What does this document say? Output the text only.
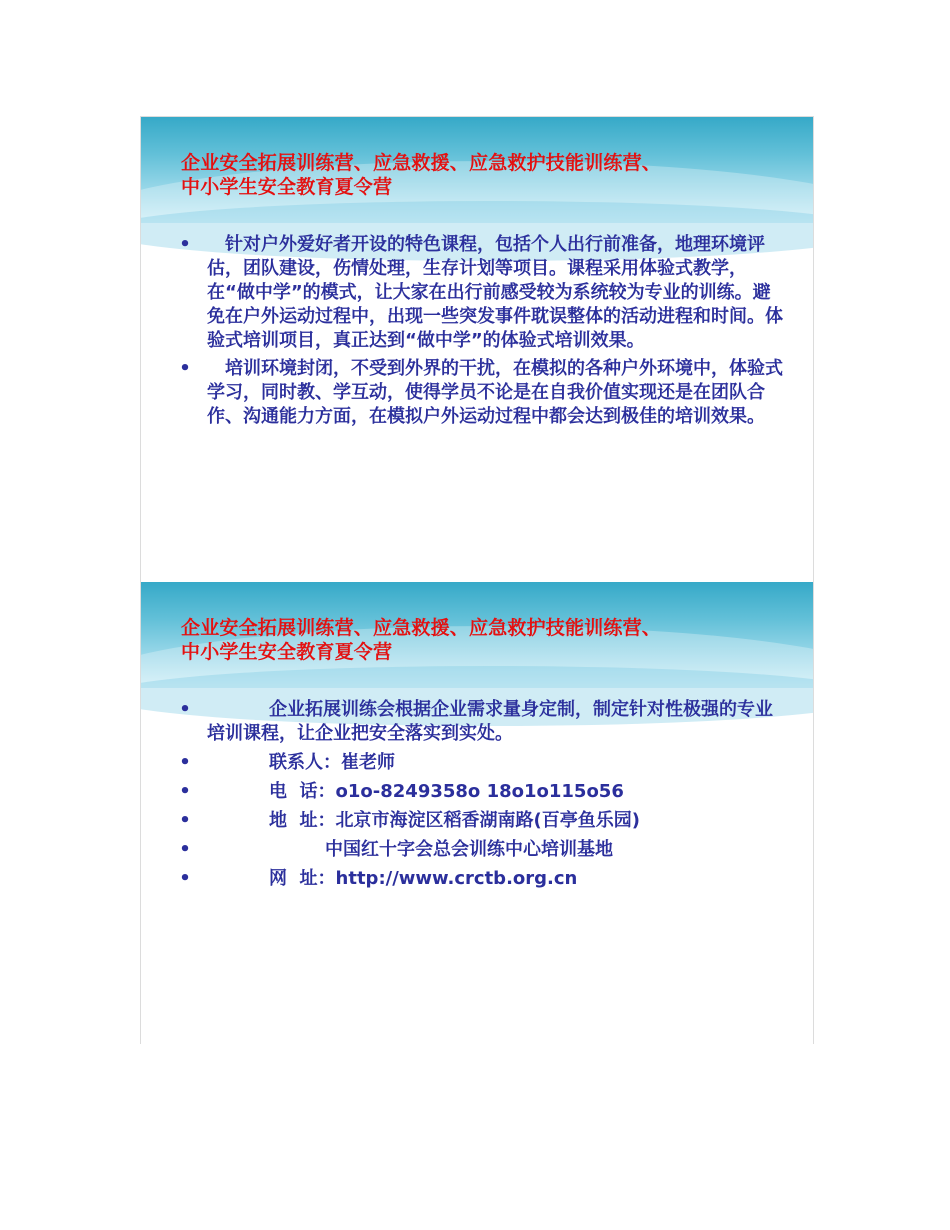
企业安全拓展训练营、应急救援、应急救护技能训练营、
中小学生安全教育夏令营
•	针对户外爱好者开设的特色课程，包括个人出行前准备，地理环境评估，团队建设，伤情处理，生存计划等项目。课程采用体验式教学，在“做中学”的模式，让大家在出行前感受较为系统较为专业的训练。避免在户外运动过程中，出现一些突发事件耽误整体的活动进程和时间。体验式培训项目，真正达到“做中学”的体验式培训效果。
•	培训环境封闭，不受到外界的干扰，在模拟的各种户外环境中，体验式学习，同时教、学互动，使得学员不论是在自我价值实现还是在团队合作、沟通能力方面，在模拟户外运动过程中都会达到极佳的培训效果。
企业安全拓展训练营、应急救援、应急救护技能训练营、
中小学生安全教育夏令营
•	企业拓展训练会根据企业需求量身定制，制定针对性极强的专业培训课程，让企业把安全落实到实处。
•	联系人：崔老师
•	电  话：o1o-8249358o 18o1o115o56
•	地  址：北京市海淀区稻香湖南路(百亭鱼乐园)
•	中国红十字会总会训练中心培训基地
•	网  址：http://www.crctb.org.cn
